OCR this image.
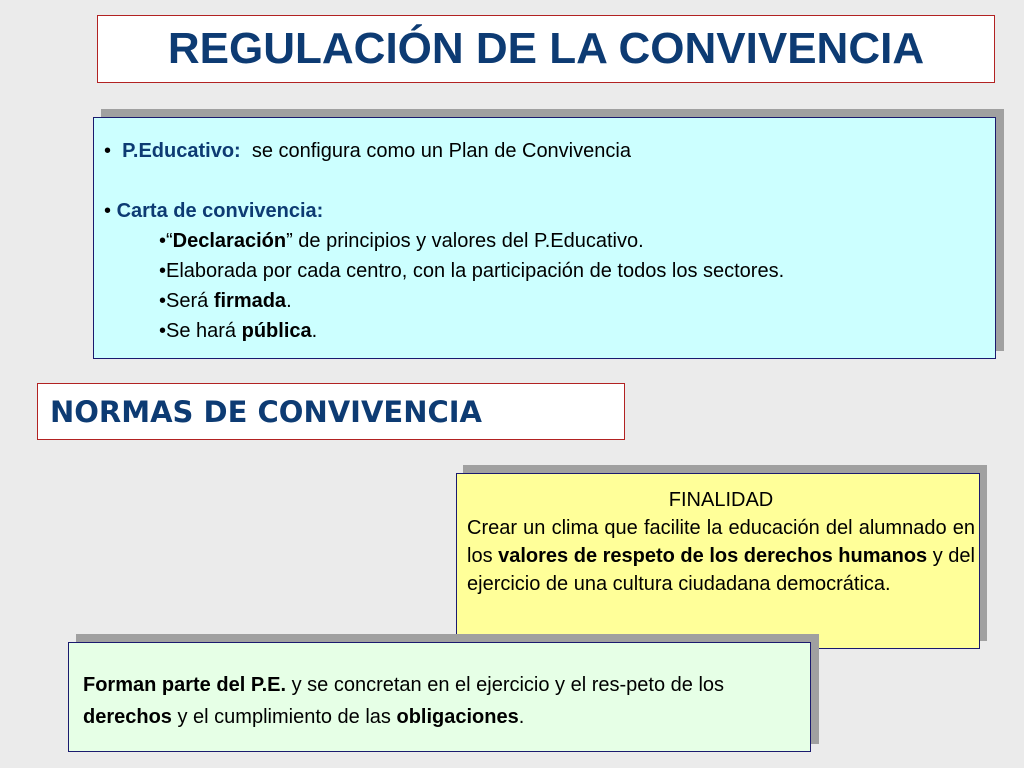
REGULACIÓN DE LA CONVIVENCIA
• P.Educativo: se configura como un Plan de Convivencia
• Carta de convivencia:
•“Declaración” de principios y valores del P.Educativo.
•Elaborada por cada centro, con la participación de todos los sectores.
•Será firmada.
•Se hará pública.
NORMAS DE CONVIVENCIA
FINALIDAD
Crear un clima que facilite la educación del alumnado en los valores de respeto de los derechos humanos y del ejercicio de una cultura ciudadana democrática.
Forman parte del P.E. y se concretan en el ejercicio y el res-peto de los derechos y el cumplimiento de las obligaciones.
